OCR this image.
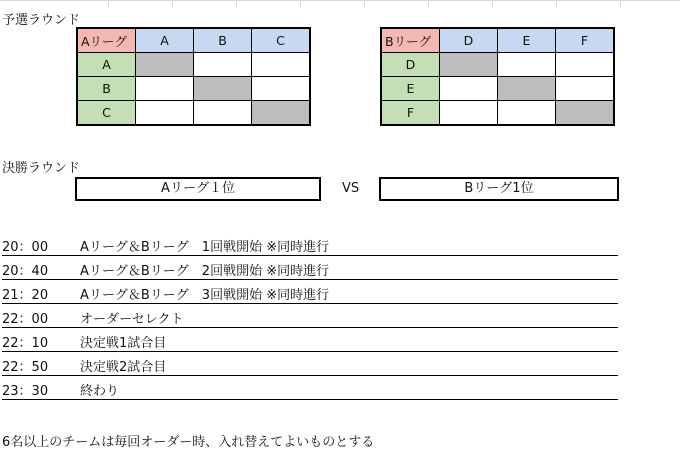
予選ラウンド
Aリーグ	A	B	C
A			
B			
C			
Bリーグ	D	E	F
D			
E			
F			
決勝ラウンド
Aリーグ１位	VS	Bリーグ1位
20：00 Aリーグ＆Bリーグ　1回戦開始 ※同時進行
20：40 Aリーグ＆Bリーグ　2回戦開始 ※同時進行
21：20 Aリーグ＆Bリーグ　3回戦開始 ※同時進行
22：00 オーダーセレクト
22：10 決定戦1試合目
22：50 決定戦2試合目
23：30 終わり
6名以上のチームは毎回オーダー時、入れ替えてよいものとする
